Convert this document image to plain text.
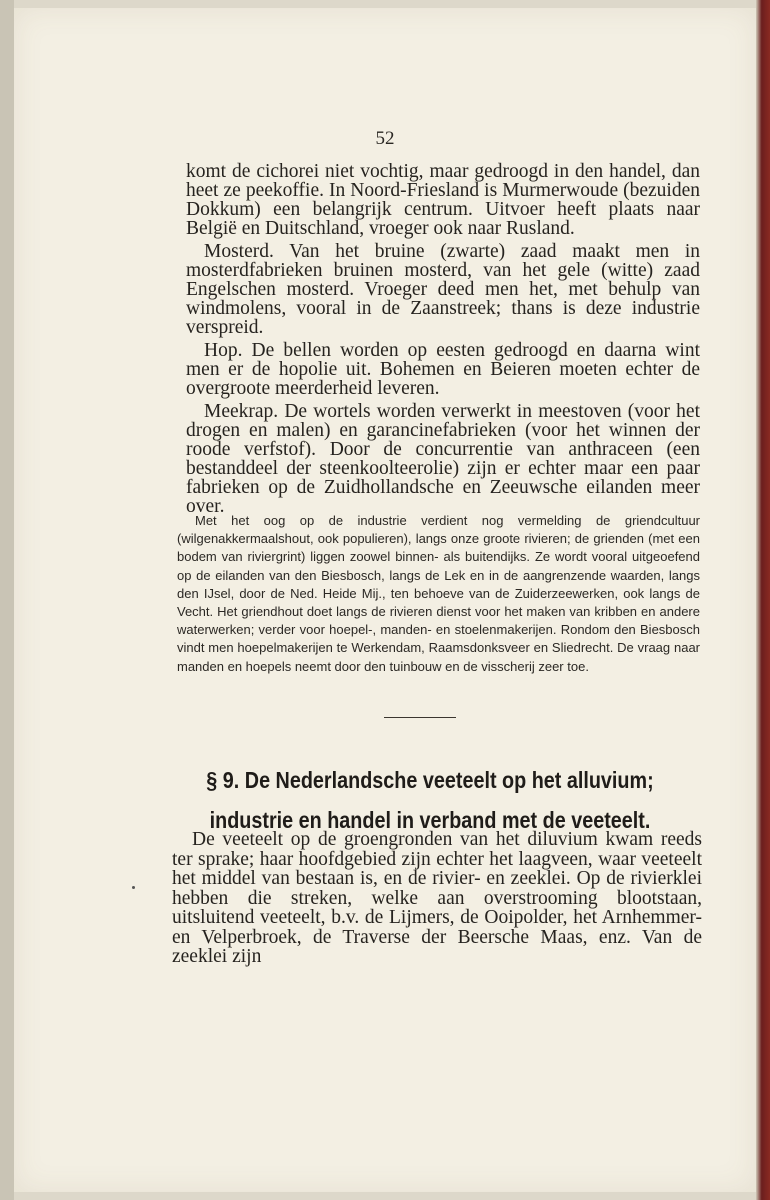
52

komt de cichorei niet vochtig, maar gedroogd in den handel, dan heet ze peekoffie. In Noord-Friesland is Murmerwoude (bezuiden Dokkum) een belangrijk centrum. Uitvoer heeft plaats naar België en Duitschland, vroeger ook naar Rusland.

Mosterd. Van het bruine (zwarte) zaad maakt men in mosterdfabrieken bruinen mosterd, van het gele (witte) zaad Engelschen mosterd. Vroeger deed men het, met behulp van windmolens, vooral in de Zaanstreek; thans is deze industrie verspreid.

Hop. De bellen worden op eesten gedroogd en daarna wint men er de hopolie uit. Bohemen en Beieren moeten echter de overgroote meerderheid leveren.

Meekrap. De wortels worden verwerkt in meestoven (voor het drogen en malen) en garancinefabrieken (voor het winnen der roode verfstof). Door de concurrentie van anthraceen (een bestanddeel der steenkoolteerolie) zijn er echter maar een paar fabrieken op de Zuidhollandsche en Zeeuwsche eilanden meer over.

Met het oog op de industrie verdient nog vermelding de griendcultuur (wilgenakkermaalshout, ook populieren), langs onze groote rivieren; de grienden (met een bodem van riviergrint) liggen zoowel binnen- als buitendijks. Ze wordt vooral uitgeoefend op de eilanden van den Biesbosch, langs de Lek en in de aangrenzende waarden, langs den IJsel, door de Ned. Heide Mij., ten behoeve van de Zuiderzeewerken, ook langs de Vecht. Het griendhout doet langs de rivieren dienst voor het maken van kribben en andere waterwerken; verder voor hoepel-, manden- en stoelenmakerijen. Rondom den Biesbosch vindt men hoepelmakerijen te Werkendam, Raamsdonksveer en Sliedrecht. De vraag naar manden en hoepels neemt door den tuinbouw en de visscherij zeer toe.

§ 9. De Nederlandsche veeteelt op het alluvium;
industrie en handel in verband met de veeteelt.

De veeteelt op de groengronden van het diluvium kwam reeds ter sprake; haar hoofdgebied zijn echter het laagveen, waar veeteelt het middel van bestaan is, en de rivier- en zeeklei. Op de rivierklei hebben die streken, welke aan overstrooming blootstaan, uitsluitend veeteelt, b.v. de Lijmers, de Ooipolder, het Arnhemmer- en Velperbroek, de Traverse der Beersche Maas, enz. Van de zeeklei zijn
